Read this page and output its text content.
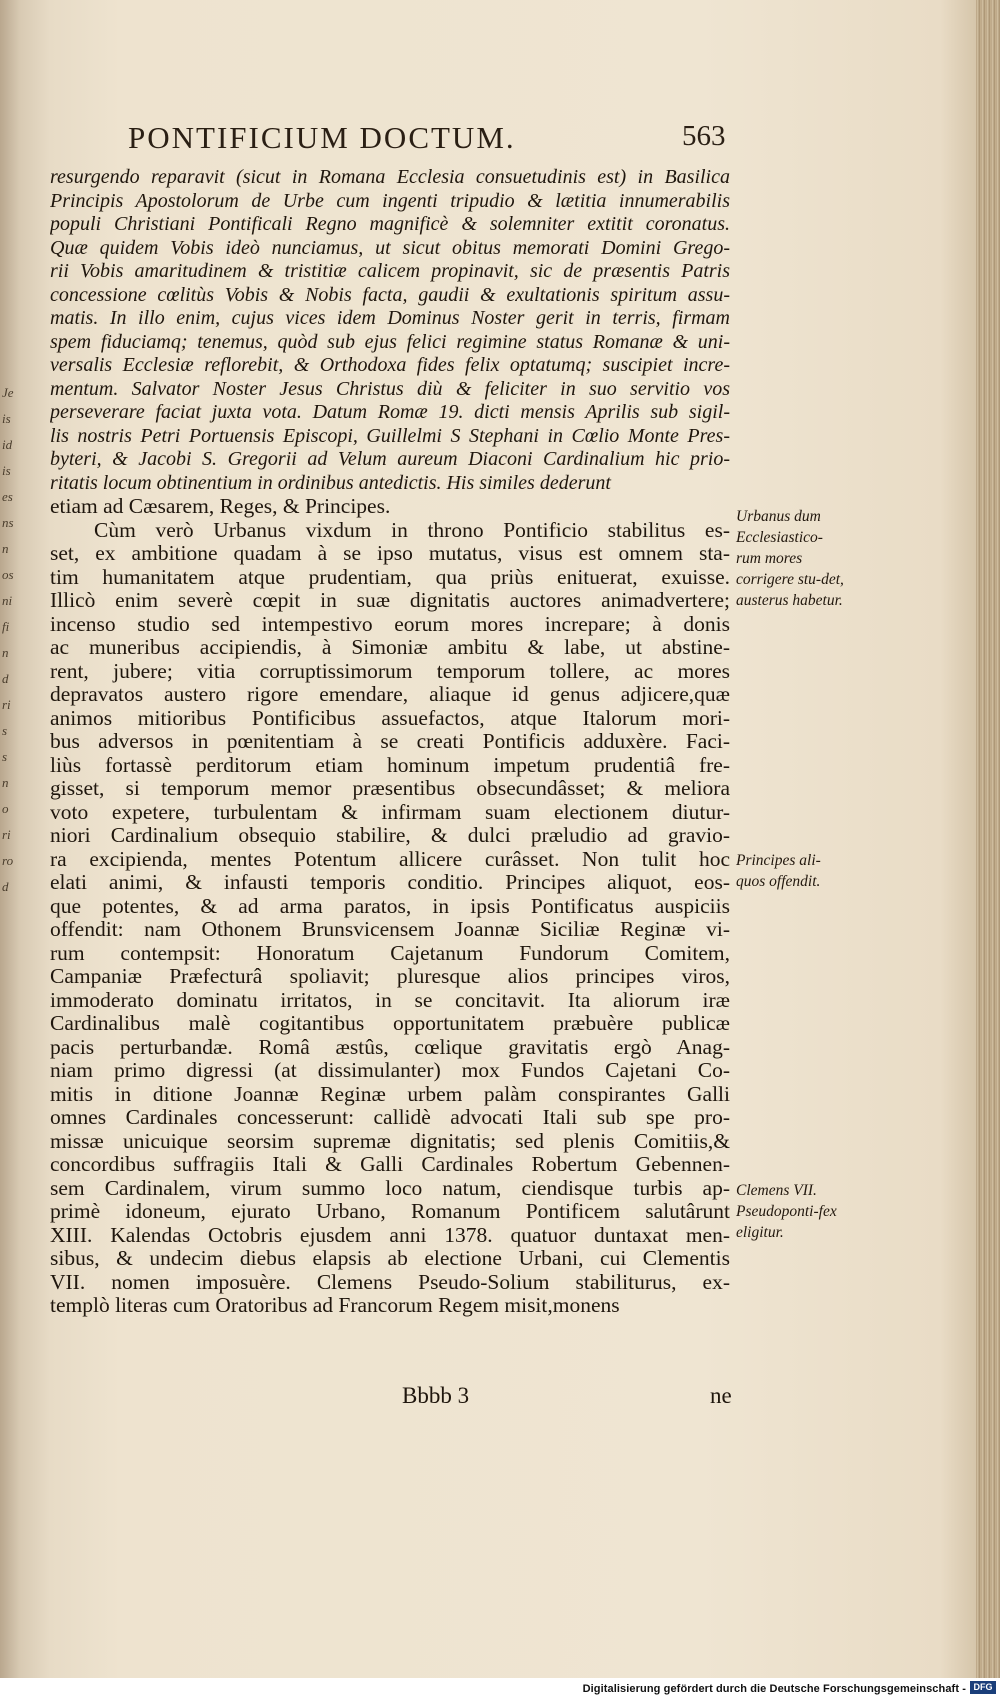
Je
is
id
is
es
ns
n
os
ni
fi
n
d
ri
s
s
n
o
ri
ro
d
PONTIFICIUM DOCTUM.	563
resurgendo reparavit (sicut in Romana Ecclesia consuetudinis est) in Basilica
Principis Apostolorum de Urbe cum ingenti tripudio & lætitia innumerabilis
populi Christiani Pontificali Regno magnificè & solemniter extitit coronatus.
Quæ quidem Vobis ideò nunciamus, ut sicut obitus memorati Domini Grego-
rii Vobis amaritudinem & tristitiæ calicem propinavit, sic de præsentis Patris
concessione cœlitùs Vobis & Nobis facta, gaudii & exultationis spiritum assu-
matis. In illo enim, cujus vices idem Dominus Noster gerit in terris, firmam
spem fiduciamq; tenemus, quòd sub ejus felici regimine status Romanæ & uni-
versalis Ecclesiæ reflorebit, & Orthodoxa fides felix optatumq; suscipiet incre-
mentum. Salvator Noster Jesus Christus diù & feliciter in suo servitio vos
perseverare faciat juxta vota. Datum Romæ 19. dicti mensis Aprilis sub sigil-
lis nostris Petri Portuensis Episcopi, Guillelmi S Stephani in Cœlio Monte Pres-
byteri, & Jacobi S. Gregorii ad Velum aureum Diaconi Cardinalium hic prio-
ritatis locum obtinentium in ordinibus antedictis. His similes dederunt
etiam ad Cæsarem, Reges, & Principes.
Cùm verò Urbanus vixdum in throno Pontificio stabilitus es-
set, ex ambitione quadam à se ipso mutatus, visus est omnem sta-
tim humanitatem atque prudentiam, qua priùs enituerat, exuisse.
Illicò enim severè cœpit in suæ dignitatis auctores animadvertere;
incenso studio sed intempestivo eorum mores increpare; à donis
ac muneribus accipiendis, à Simoniæ ambitu & labe, ut abstine-
rent, jubere; vitia corruptissimorum temporum tollere, ac mores
depravatos austero rigore emendare, aliaque id genus adjicere,quæ
animos mitioribus Pontificibus assuefactos, atque Italorum mori-
bus adversos in pœnitentiam à se creati Pontificis adduxère. Faci-
liùs fortassè perditorum etiam hominum impetum prudentiâ fre-
gisset, si temporum memor præsentibus obsecundâsset; & meliora
voto expetere, turbulentam & infirmam suam electionem diutur-
niori Cardinalium obsequio stabilire, & dulci præludio ad gravio-
ra excipienda, mentes Potentum allicere curâsset. Non tulit hoc
elati animi, & infausti temporis conditio. Principes aliquot, eos-
que potentes, & ad arma paratos, in ipsis Pontificatus auspiciis
offendit: nam Othonem Brunsvicensem Joannæ Siciliæ Reginæ vi-
rum contempsit: Honoratum Cajetanum Fundorum Comitem,
Campaniæ Præfecturâ spoliavit; pluresque alios principes viros,
immoderato dominatu irritatos, in se concitavit. Ita aliorum iræ
Cardinalibus malè cogitantibus opportunitatem præbuère publicæ
pacis perturbandæ. Româ æstûs, cœlique gravitatis ergò Anag-
niam primo digressi (at dissimulanter) mox Fundos Cajetani Co-
mitis in ditione Joannæ Reginæ urbem palàm conspirantes Galli
omnes Cardinales concesserunt: callidè advocati Itali sub spe pro-
missæ unicuique seorsim supremæ dignitatis; sed plenis Comitiis,&
concordibus suffragiis Itali & Galli Cardinales Robertum Gebennen-
sem Cardinalem, virum summo loco natum, ciendisque turbis ap-
primè idoneum, ejurato Urbano, Romanum Pontificem salutârunt
XIII. Kalendas Octobris ejusdem anni 1378. quatuor duntaxat men-
sibus, & undecim diebus elapsis ab electione Urbani, cui Clementis
VII. nomen imposuère. Clemens Pseudo-Solium stabiliturus, ex-
templò literas cum Oratoribus ad Francorum Regem misit,monens
Urbanus dum Ecclesiastico-rum mores corrigere stu-det, austerus habetur.
Principes ali-quos offendit.
Clemens VII. Pseudoponti-fex eligitur.
Bbbb 3	ne
Digitalisierung gefördert durch die Deutsche Forschungsgemeinschaft - DFG
